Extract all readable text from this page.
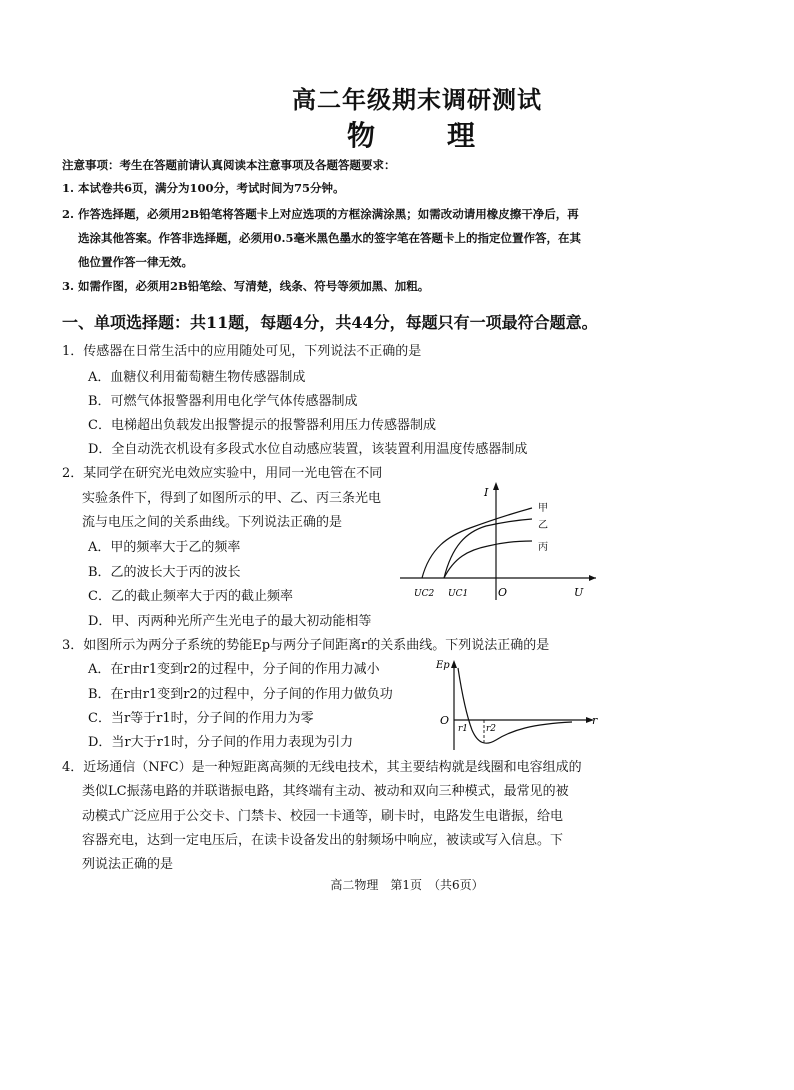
高二年级期末调研测试
物　理
注意事项：考生在答题前请认真阅读本注意事项及各题答题要求：
1. 本试卷共6页，满分为100分，考试时间为75分钟。
2. 作答选择题，必须用2B铅笔将答题卡上对应选项的方框涂满涂黑；如需改动请用橡皮擦干净后，再
选涂其他答案。作答非选择题，必须用0.5毫米黑色墨水的签字笔在答题卡上的指定位置作答，在其
他位置作答一律无效。
3. 如需作图，必须用2B铅笔绘、写清楚，线条、符号等须加黑、加粗。
一、单项选择题：共11题，每题4分，共44分，每题只有一项最符合题意。
1．传感器在日常生活中的应用随处可见，下列说法不正确的是
A．血糖仪利用葡萄糖生物传感器制成
B．可燃气体报警器利用电化学气体传感器制成
C．电梯超出负载发出报警提示的报警器利用压力传感器制成
D．全自动洗衣机设有多段式水位自动感应装置，该装置利用温度传感器制成
2．某同学在研究光电效应实验中，用同一光电管在不同
实验条件下，得到了如图所示的甲、乙、丙三条光电
流与电压之间的关系曲线。下列说法正确的是
A．甲的频率大于乙的频率
B．乙的波长大于丙的波长
C．乙的截止频率大于丙的截止频率
D．甲、丙两种光所产生光电子的最大初动能相等
I
U
O
UC2 UC1
甲
乙
丙
3．如图所示为两分子系统的势能Ep与两分子间距离r的关系曲线。下列说法正确的是
A．在r由r1变到r2的过程中，分子间的作用力减小
B．在r由r1变到r2的过程中，分子间的作用力做负功
C．当r等于r1时，分子间的作用力为零
D．当r大于r1时，分子间的作用力表现为引力
Ep
r
O
r1 r2
4．近场通信（NFC）是一种短距离高频的无线电技术，其主要结构就是线圈和电容组成的
类似LC振荡电路的并联谐振电路，其终端有主动、被动和双向三种模式，最常见的被
动模式广泛应用于公交卡、门禁卡、校园一卡通等，刷卡时，电路发生电谐振，给电
容器充电，达到一定电压后，在读卡设备发出的射频场中响应，被读或写入信息。下
列说法正确的是
高二物理　第1页　（共6页）
